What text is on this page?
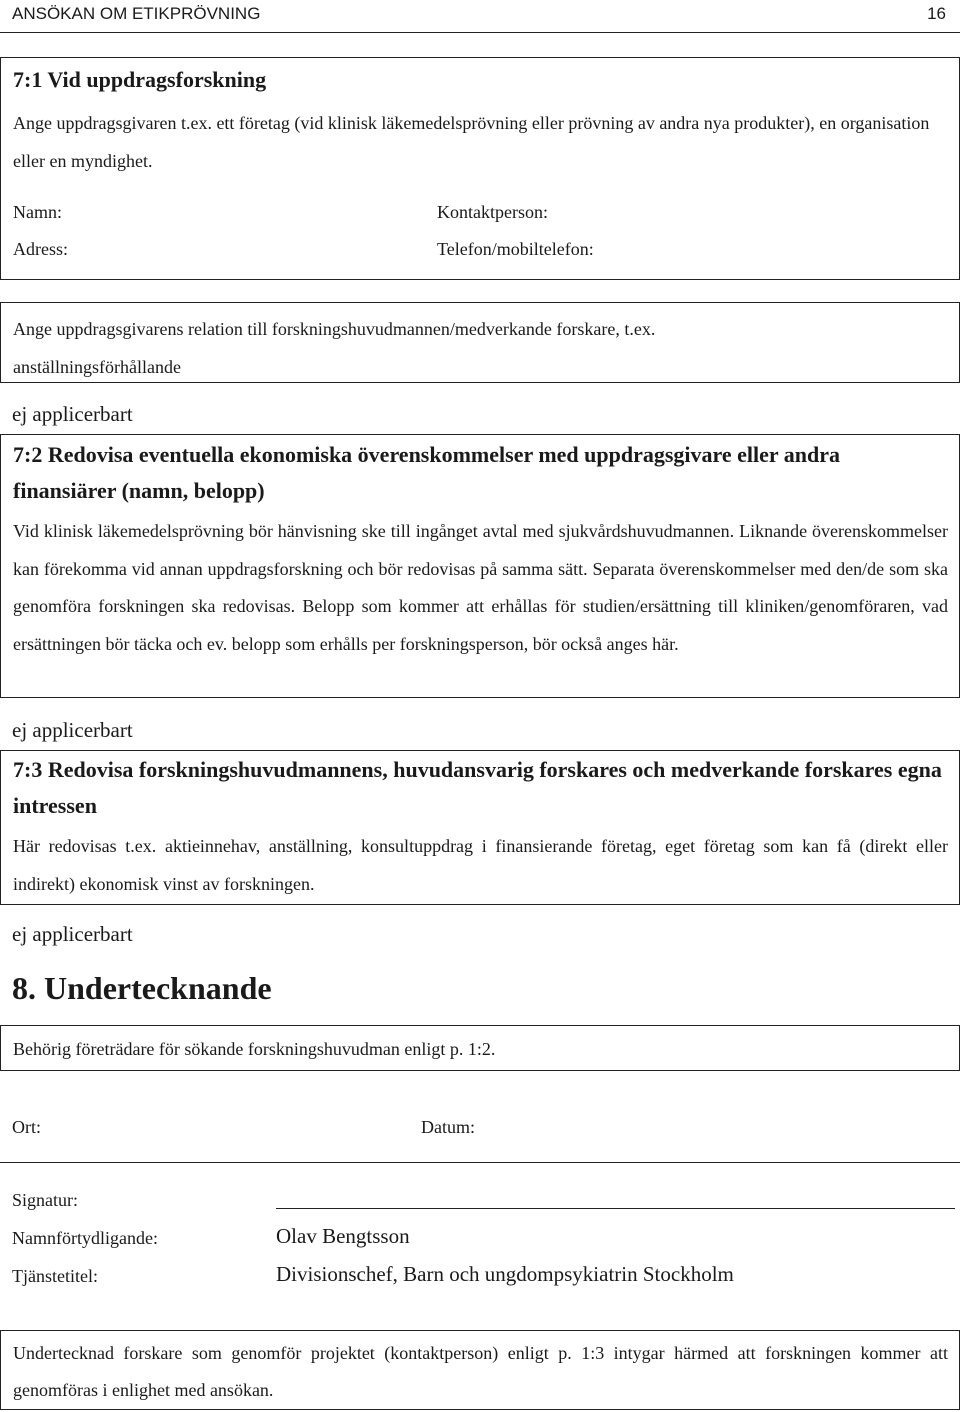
ANSÖKAN OM ETIKPRÖVNING	16
7:1 Vid uppdragsforskning
Ange uppdragsgivaren t.ex. ett företag (vid klinisk läkemedelsprövning eller prövning av andra nya produkter), en organisation eller en myndighet.
Namn:	Kontaktperson:
Adress:	Telefon/mobiltelefon:
Ange uppdragsgivarens relation till forskningshuvudmannen/medverkande forskare, t.ex. anställningsförhållande
ej applicerbart
7:2 Redovisa eventuella ekonomiska överenskommelser med uppdragsgivare eller andra finansiärer (namn, belopp)
Vid klinisk läkemedelsprövning bör hänvisning ske till ingånget avtal med sjukvårdshuvudmannen. Liknande överenskommelser kan förekomma vid annan uppdragsforskning och bör redovisas på samma sätt. Separata överenskommelser med den/de som ska genomföra forskningen ska redovisas. Belopp som kommer att erhållas för studien/ersättning till kliniken/genomföraren, vad ersättningen bör täcka och ev. belopp som erhålls per forskningsperson, bör också anges här.
ej applicerbart
7:3 Redovisa forskningshuvudmannens, huvudansvarig forskares och medverkande forskares egna intressen
Här redovisas t.ex. aktieinnehav, anställning, konsultuppdrag i finansierande företag, eget företag som kan få (direkt eller indirekt) ekonomisk vinst av forskningen.
ej applicerbart
8. Undertecknande
Behörig företrädare för sökande forskningshuvudman enligt p. 1:2.
Ort:	Datum:
Signatur:
Namnförtydligande:	Olav Bengtsson
Tjänstetitel:	Divisionschef, Barn och ungdompsykiatrin Stockholm
Undertecknad forskare som genomför projektet (kontaktperson) enligt p. 1:3 intygar härmed att forskningen kommer att genomföras i enlighet med ansökan.
